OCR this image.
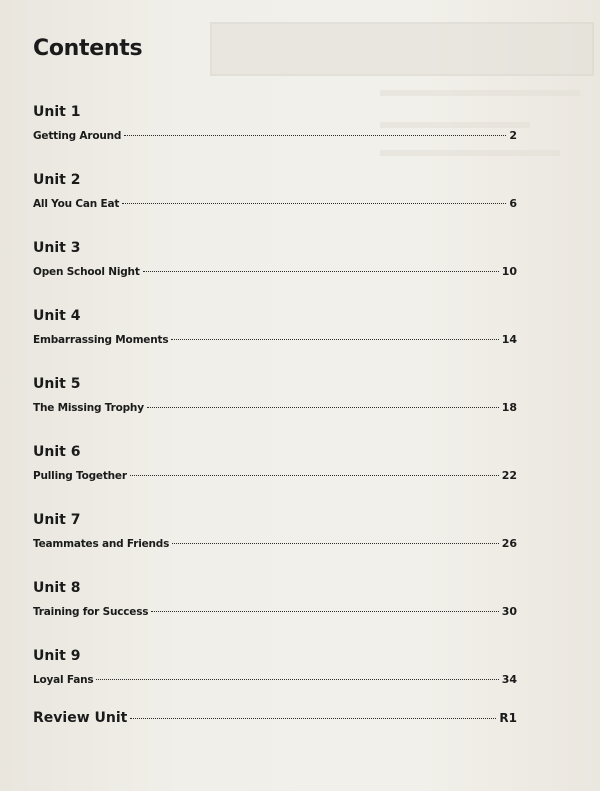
Contents
Unit 1
Getting Around	2
Unit 2
All You Can Eat	6
Unit 3
Open School Night	10
Unit 4
Embarrassing Moments	14
Unit 5
The Missing Trophy	18
Unit 6
Pulling Together	22
Unit 7
Teammates and Friends	26
Unit 8
Training for Success	30
Unit 9
Loyal Fans	34
Review Unit	R1
